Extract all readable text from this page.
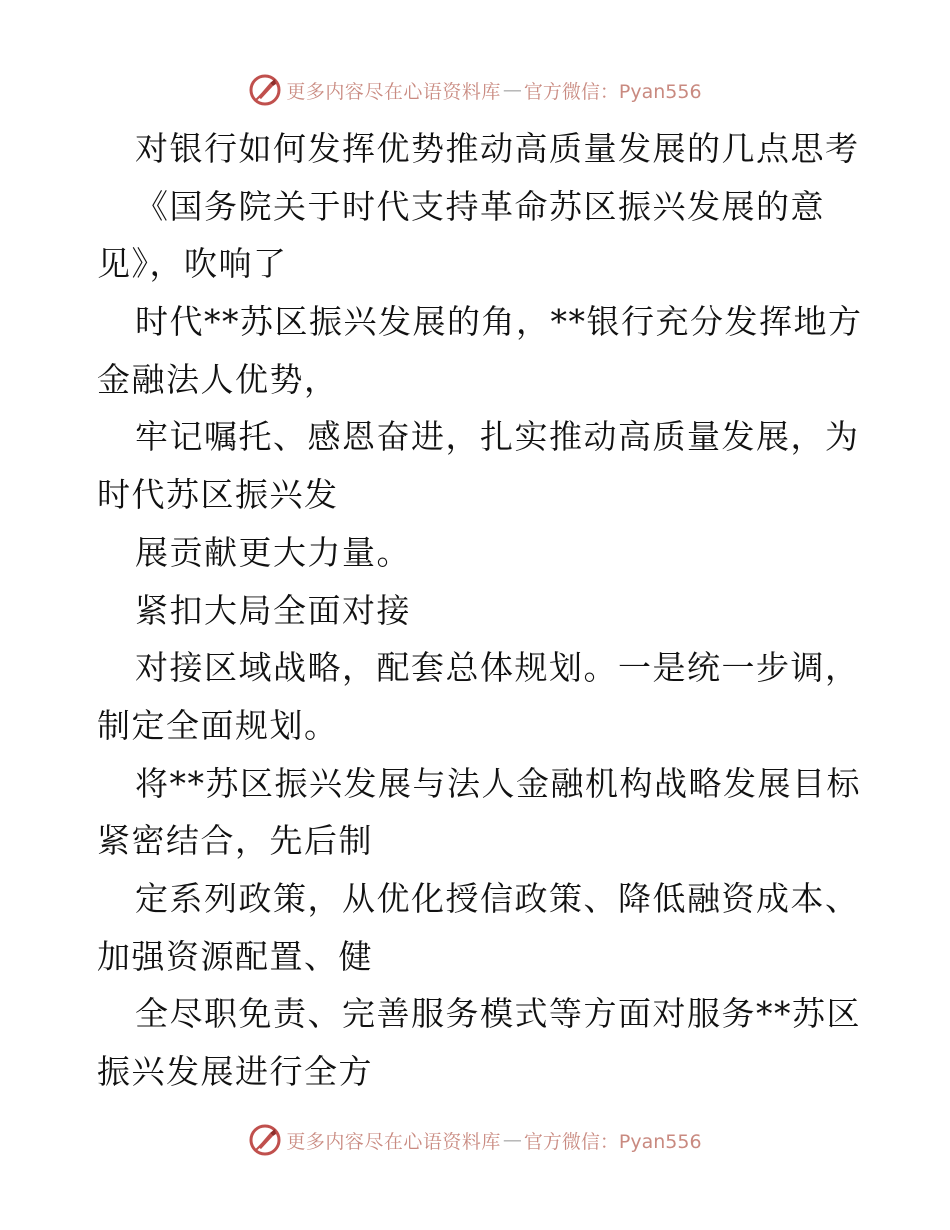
更多内容尽在心语资料库 — 官方微信：Pyan556
对银行如何发挥优势推动高质量发展的几点思考
《国务院关于时代支持革命苏区振兴发展的意
见》，吹响了
时代**苏区振兴发展的角，**银行充分发挥地方
金融法人优势，
牢记嘱托、感恩奋进，扎实推动高质量发展，为
时代苏区振兴发
展贡献更大力量。
紧扣大局全面对接
对接区域战略，配套总体规划。一是统一步调，
制定全面规划。
将**苏区振兴发展与法人金融机构战略发展目标
紧密结合，先后制
定系列政策，从优化授信政策、降低融资成本、
加强资源配置、健
全尽职免责、完善服务模式等方面对服务**苏区
振兴发展进行全方
更多内容尽在心语资料库 — 官方微信：Pyan556
